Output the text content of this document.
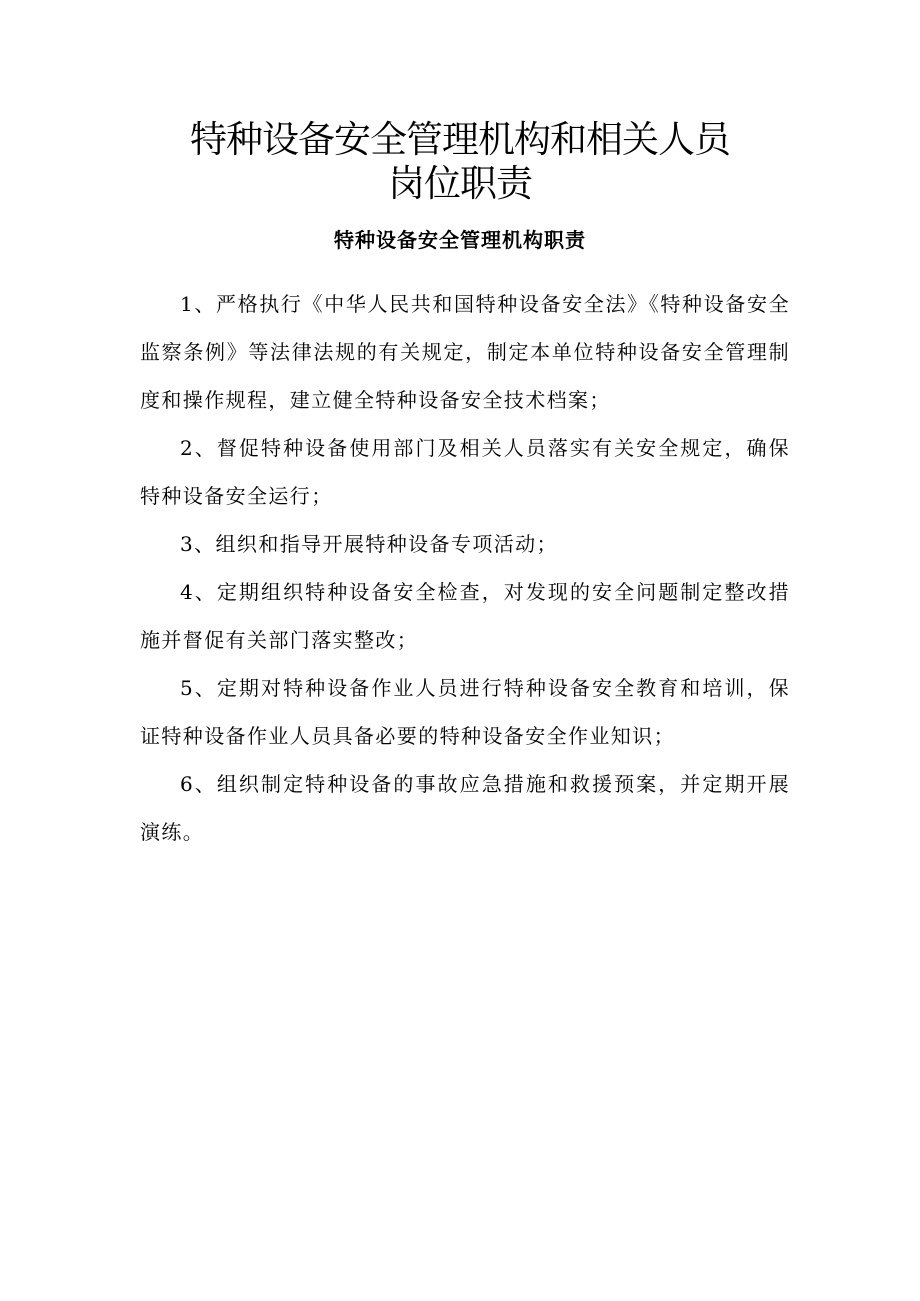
特种设备安全管理机构和相关人员
岗位职责
特种设备安全管理机构职责

1、严格执行《中华人民共和国特种设备安全法》《特种设备安全监察条例》等法律法规的有关规定，制定本单位特种设备安全管理制度和操作规程，建立健全特种设备安全技术档案；

2、督促特种设备使用部门及相关人员落实有关安全规定，确保特种设备安全运行；

3、组织和指导开展特种设备专项活动；

4、定期组织特种设备安全检查，对发现的安全问题制定整改措施并督促有关部门落实整改；

5、定期对特种设备作业人员进行特种设备安全教育和培训，保证特种设备作业人员具备必要的特种设备安全作业知识；

6、组织制定特种设备的事故应急措施和救援预案，并定期开展演练。
